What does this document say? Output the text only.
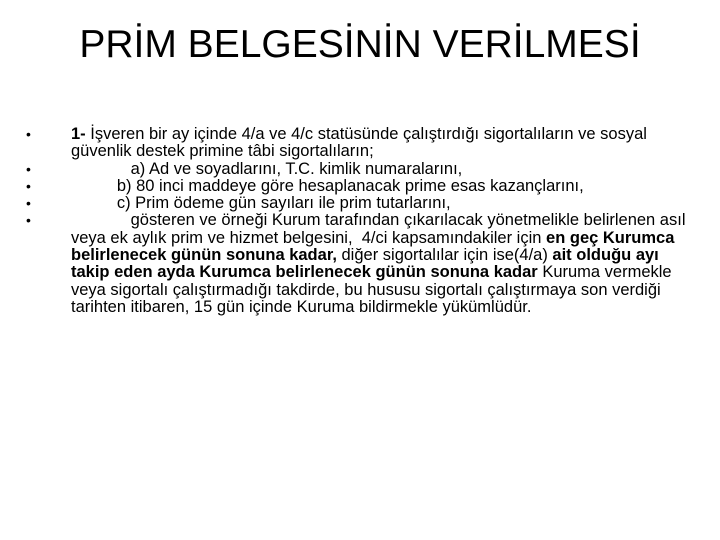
PRİM BELGESİNİN VERİLMESİ
•	1- İşveren bir ay içinde 4/a ve 4/c statüsünde çalıştırdığı sigortalıların ve sosyal güvenlik destek primine tâbi sigortalıların;
•	a) Ad ve soyadlarını, T.C. kimlik numaralarını,
•	b) 80 inci maddeye göre hesaplanacak prime esas kazançlarını,
•	c) Prim ödeme gün sayıları ile prim tutarlarını,
•	gösteren ve örneği Kurum tarafından çıkarılacak yönetmelikle belirlenen asıl veya ek aylık prim ve hizmet belgesini,  4/ci kapsamındakiler için en geç Kurumca belirlenecek günün sonuna kadar, diğer sigortalılar için ise(4/a) ait olduğu ayı takip eden ayda Kurumca belirlenecek günün sonuna kadar Kuruma vermekle veya sigortalı çalıştırmadığı takdirde, bu hususu sigortalı çalıştırmaya son verdiği tarihten itibaren, 15 gün içinde Kuruma bildirmekle yükümlüdür.
